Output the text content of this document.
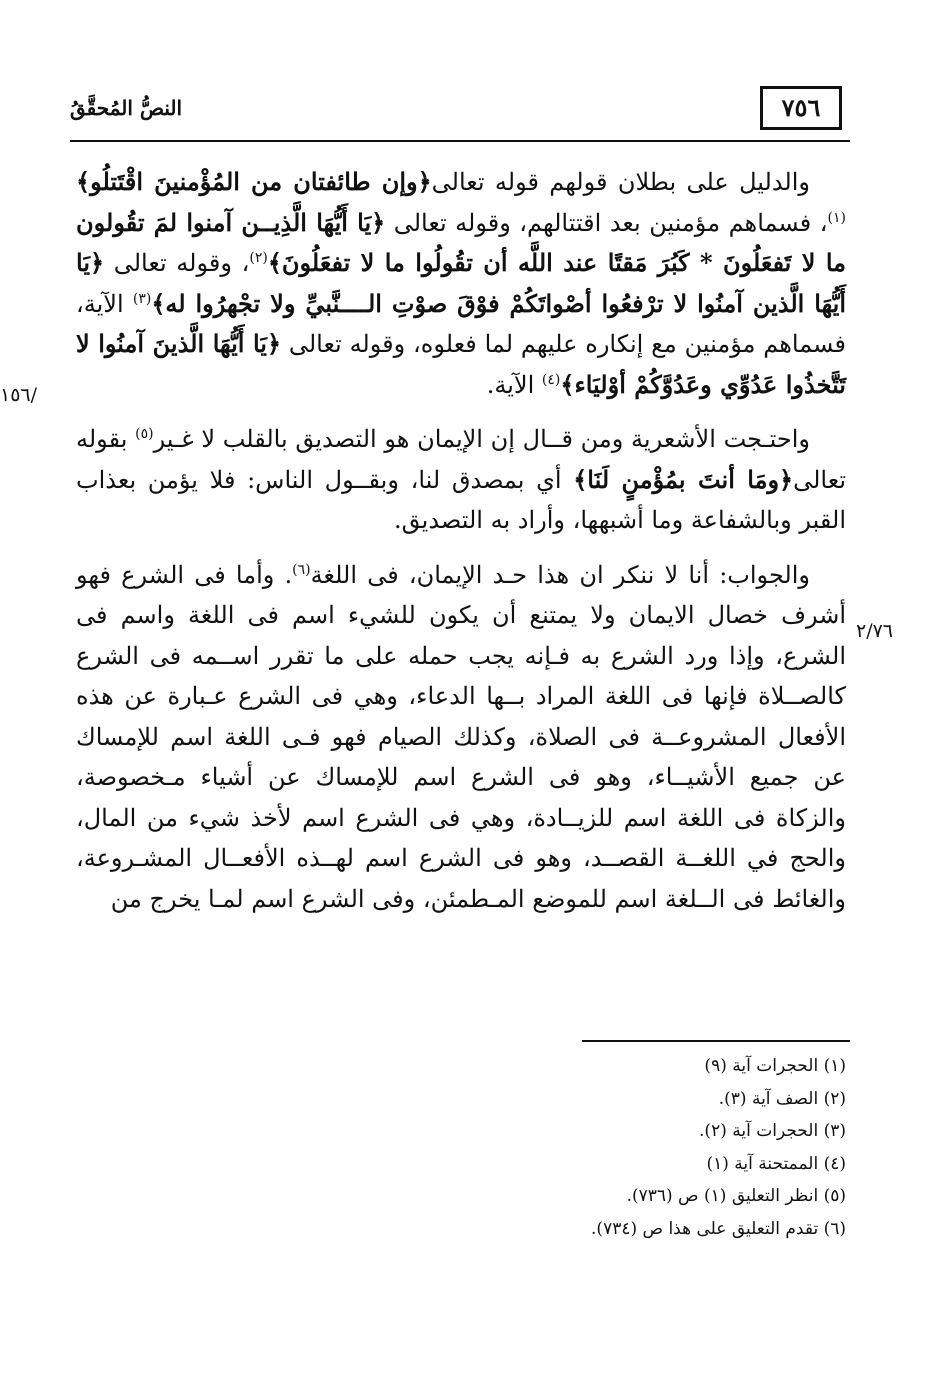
٧٥٦
النصُّ المُحقَّقُ
/١٥٦
٢/٧٦

والدليل على بطلان قولهم قوله تعالى﴿وإن طائفتان من المُؤْمنينَ اقْتَتلُو﴾$^{(١)}$، فسماهم مؤمنين بعد اقتتالهم، وقوله تعالى ﴿يَا أَيُّهَا الَّذِيــن آمنوا لمَ تقُولون ما لا تَفعَلُونَ * كَبُرَ مَقتًا عند اللَّه أن تقُولُوا ما لا تفعَلُونَ﴾$^{(٢)}$، وقوله تعالى ﴿يَا أَيُّهَا الَّذين آمنُوا لا ترْفعُوا أصْواتَكُمْ فوْقَ صوْتِ الــــنَّبيِّ ولا تجْهرُوا له﴾$^{(٣)}$ الآية، فسماهم مؤمنين مع إنكاره عليهم لما فعلوه، وقوله تعالى ﴿يَا أَيُّهَا الَّذينَ آمنُوا لا تَتَّخذُوا عَدُوِّي وعَدُوَّكُمْ أوْليَاء﴾$^{(٤)}$ الآية.

واحتـجت الأشعرية ومن قــال إن الإيمان هو التصديق بالقلب لا غـير$^{(٥)}$ بقوله تعالى﴿ومَا أنتَ بمُؤْمنٍ لَنَا﴾ أي بمصدق لنا، وبقــول الناس: فلا يؤمن بعذاب القبر وبالشفاعة وما أشبهها، وأراد به التصديق.

والجواب: أنا لا ننكر ان هذا حـد الإيمان، فى اللغة$^{(٦)}$. وأما فى الشرع فهو أشرف خصال الايمان ولا يمتنع أن يكون للشيء اسم فى اللغة واسم فى الشرع، وإذا ورد الشرع به فـإنه يجب حمله على ما تقرر اســمه فى الشرع كالصــلاة فإنها فى اللغة المراد بــها الدعاء، وهي فى الشرع عـبارة عن هذه الأفعال المشروعــة فى الصلاة، وكذلك الصيام فهو فـى اللغة اسم للإمساك عن جميع الأشيــاء، وهو فى الشرع اسم للإمساك عن أشياء مـخصوصة، والزكاة فى اللغة اسم للزيــادة، وهي فى الشرع اسم لأخذ شيء من المال، والحج في اللغــة القصــد، وهو فى الشرع اسم لهــذه الأفعــال المشـروعة، والغائط فى الــلغة اسم للموضع المـطمئن، وفى الشرع اسم لمـا يخرج من

(١) الحجرات آية (٩)

(٢) الصف آية (٣).

(٣) الحجرات آية (٢).

(٤) الممتحنة آية (١)

(٥) انظر التعليق (١) ص (٧٣٦).

(٦) تقدم التعليق على هذا ص (٧٣٤).
